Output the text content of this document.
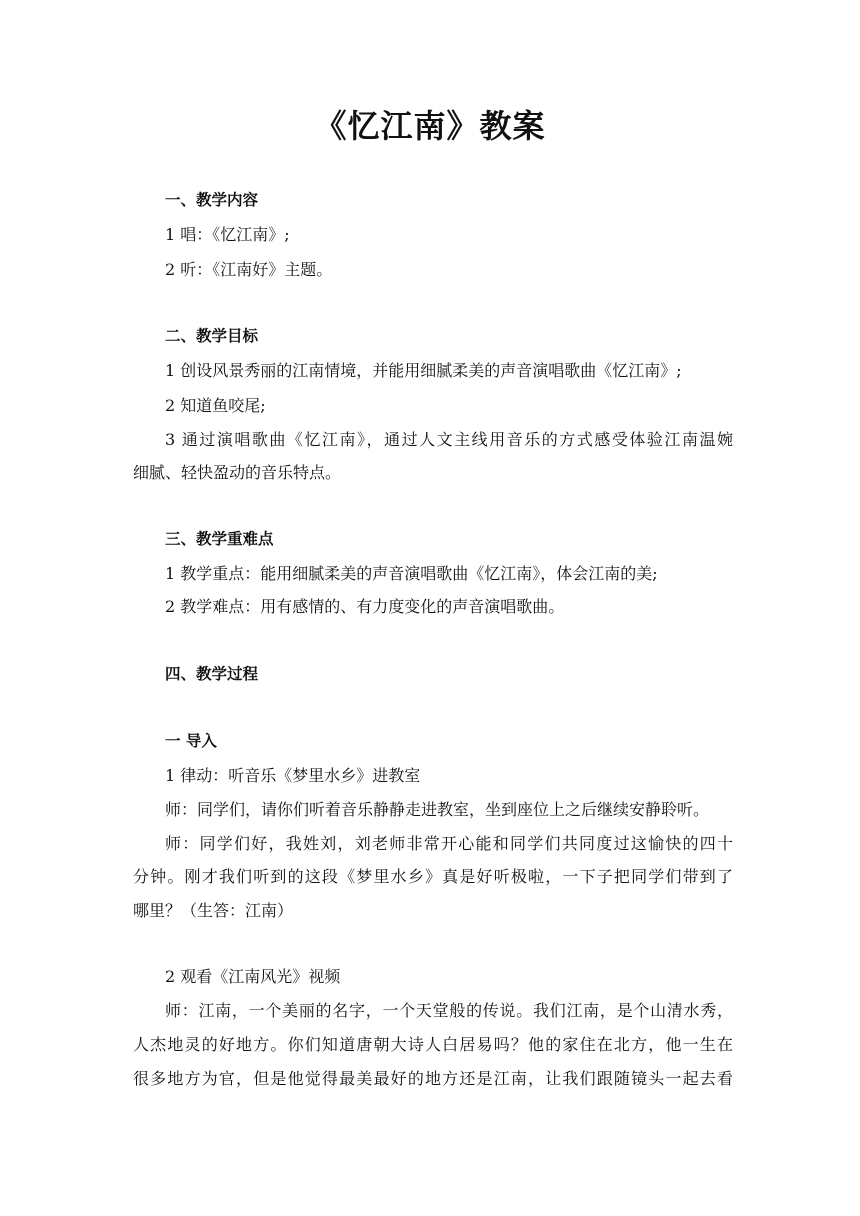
《忆江南》教案
一、教学内容
1 唱：《忆江南》;
2 听：《江南好》主题。
二、教学目标
1 创设风景秀丽的江南情境，并能用细腻柔美的声音演唱歌曲《忆江南》;
2 知道鱼咬尾;
3 通过演唱歌曲《忆江南》，通过人文主线用音乐的方式感受体验江南温婉
细腻、轻快盈动的音乐特点。
三、教学重难点
1 教学重点：能用细腻柔美的声音演唱歌曲《忆江南》，体会江南的美;
2 教学难点：用有感情的、有力度变化的声音演唱歌曲。
四、教学过程
一 导入
1 律动：听音乐《梦里水乡》进教室
师：同学们，请你们听着音乐静静走进教室，坐到座位上之后继续安静聆听。
师：同学们好，我姓刘，刘老师非常开心能和同学们共同度过这愉快的四十
分钟。刚才我们听到的这段《梦里水乡》真是好听极啦，一下子把同学们带到了
哪里？（生答：江南）
2 观看《江南风光》视频
师：江南，一个美丽的名字，一个天堂般的传说。我们江南，是个山清水秀，
人杰地灵的好地方。你们知道唐朝大诗人白居易吗？他的家住在北方，他一生在
很多地方为官，但是他觉得最美最好的地方还是江南，让我们跟随镜头一起去看
